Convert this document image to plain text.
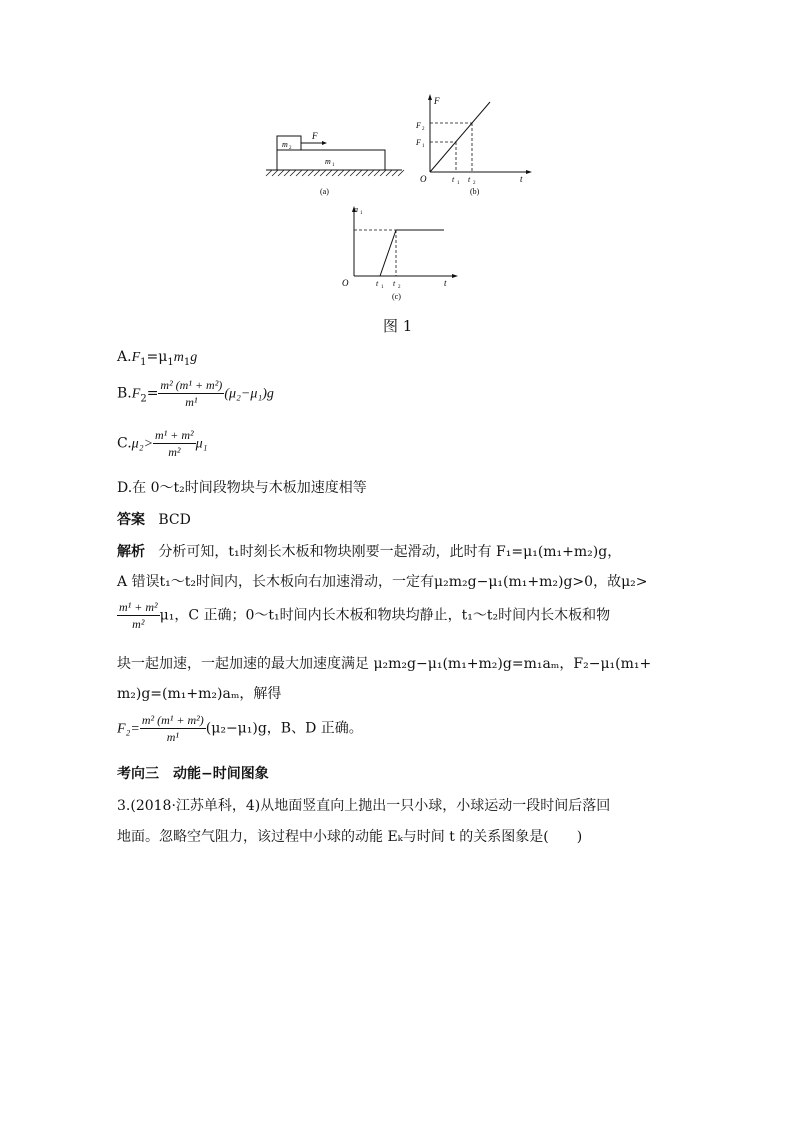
m 2
F
m 1
(a)
F
F 2
F 1
O	t 1 t 2	t
(b)
a 1
O	t 1 t 2	t
(c)
图 1
$A.F_1=\mu_1m_1g$
$B.F_2= \frac{\text{m² (m¹ + m²)}}{\text{m¹}} (\mu_2-\mu_1)g$
$C.\mu_2> \frac{\text{m¹ + m²}}{\text{m²}} \mu_1$
D.在 0～t₂时间段物块与木板加速度相等
答案 BCD
解析 分析可知，t₁时刻长木板和物块刚要一起滑动，此时有 F₁=μ₁(m₁+m₂)g，
A 错误t₁～t₂时间内，长木板向右加速滑动，一定有μ₂m₂g−μ₁(m₁+m₂)g>0，故μ₂>
$\frac{\text{m¹ + m²}}{\text{m²}} \mu_1$，C 正确；0～t₁时间内长木板和物块均静止，t₁～t₂时间内长木板和物
块一起加速，一起加速的最大加速度满足 μ₂m₂g−μ₁(m₁+m₂)g=m₁aₘ，F₂−μ₁(m₁+
m₂)g=(m₁+m₂)aₘ，解得
$F_2= \frac{\text{m² (m¹ + m²)}}{\text{m¹}} (\mu_2-\mu_1)g$，B、D 正确。
考向三　动能−时间图象
3.(2018·江苏单科，4)从地面竖直向上抛出一只小球，小球运动一段时间后落回
地面。忽略空气阻力，该过程中小球的动能 Eₖ与时间 t 的关系图象是(　　)
